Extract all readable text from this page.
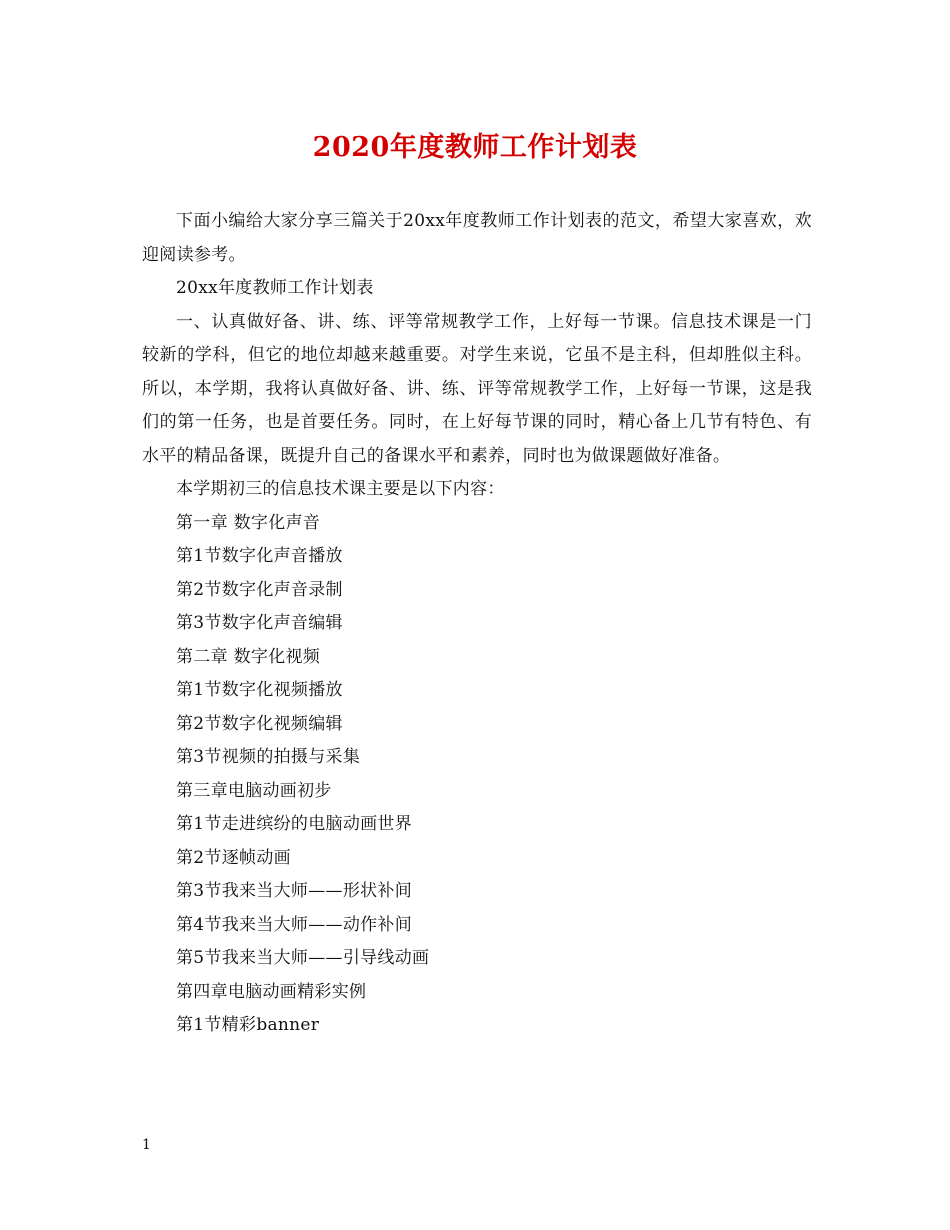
2020年度教师工作计划表

下面小编给大家分享三篇关于20xx年度教师工作计划表的范文，希望大家喜欢，欢迎阅读参考。

20xx年度教师工作计划表

一、认真做好备、讲、练、评等常规教学工作，上好每一节课。信息技术课是一门较新的学科，但它的地位却越来越重要。对学生来说，它虽不是主科，但却胜似主科。所以，本学期，我将认真做好备、讲、练、评等常规教学工作，上好每一节课，这是我们的第一任务，也是首要任务。同时，在上好每节课的同时，精心备上几节有特色、有水平的精品备课，既提升自己的备课水平和素养，同时也为做课题做好准备。

本学期初三的信息技术课主要是以下内容：

第一章 数字化声音

第1节数字化声音播放

第2节数字化声音录制

第3节数字化声音编辑

第二章 数字化视频

第1节数字化视频播放

第2节数字化视频编辑

第3节视频的拍摄与采集

第三章电脑动画初步

第1节走进缤纷的电脑动画世界

第2节逐帧动画

第3节我来当大师——形状补间

第4节我来当大师——动作补间

第5节我来当大师——引导线动画

第四章电脑动画精彩实例

第1节精彩banner

1
